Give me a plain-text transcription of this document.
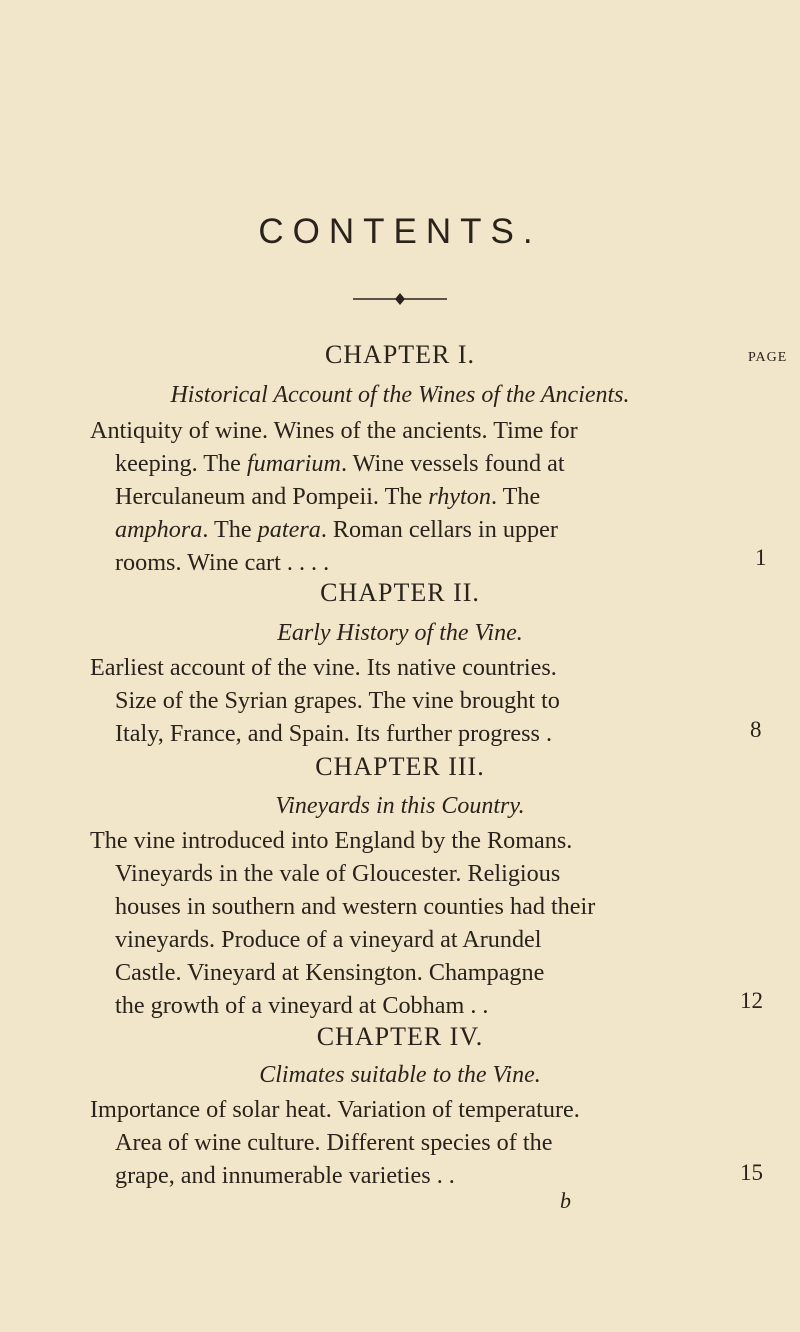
CONTENTS.
PAGE
CHAPTER I.
Historical Account of the Wines of the Ancients.
Antiquity of wine. Wines of the ancients. Time for
keeping. The fumarium. Wine vessels found at
Herculaneum and Pompeii. The rhyton. The
amphora. The patera. Roman cellars in upper
rooms. Wine cart . . . .	1
CHAPTER II.
Early History of the Vine.
Earliest account of the vine. Its native countries.
Size of the Syrian grapes. The vine brought to
Italy, France, and Spain. Its further progress .	8
CHAPTER III.
Vineyards in this Country.
The vine introduced into England by the Romans.
Vineyards in the vale of Gloucester. Religious
houses in southern and western counties had their
vineyards. Produce of a vineyard at Arundel
Castle. Vineyard at Kensington. Champagne
the growth of a vineyard at Cobham . .	12
CHAPTER IV.
Climates suitable to the Vine.
Importance of solar heat. Variation of temperature.
Area of wine culture. Different species of the
grape, and innumerable varieties . .	15
b
